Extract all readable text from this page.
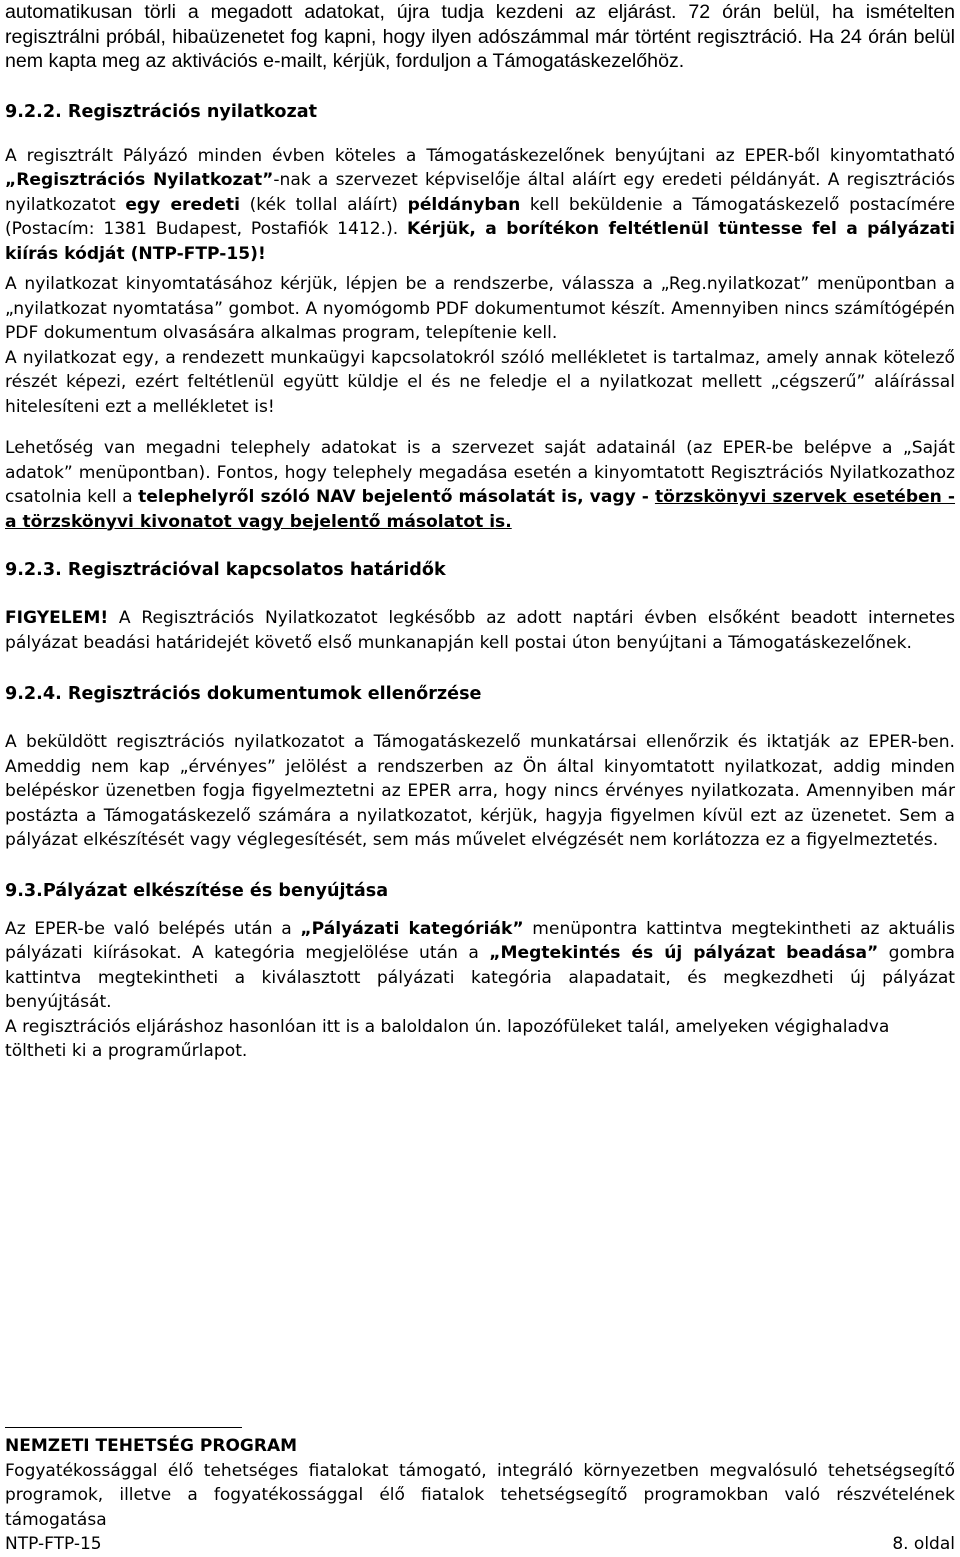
automatikusan törli a megadott adatokat, újra tudja kezdeni az eljárást. 72 órán belül, ha ismételten regisztrálni próbál, hibaüzenetet fog kapni, hogy ilyen adószámmal már történt regisztráció. Ha 24 órán belül nem kapta meg az aktivációs e-mailt, kérjük, forduljon a Támogatáskezelőhöz.

9.2.2. Regisztrációs nyilatkozat

A regisztrált Pályázó minden évben köteles a Támogatáskezelőnek benyújtani az EPER-ből kinyomtatható „Regisztrációs Nyilatkozat”-nak a szervezet képviselője által aláírt egy eredeti példányát. A regisztrációs nyilatkozatot egy eredeti (kék tollal aláírt) példányban kell beküldenie a Támogatáskezelő postacímére (Postacím: 1381 Budapest, Postafiók 1412.). Kérjük, a borítékon feltétlenül tüntesse fel a pályázati kiírás kódját (NTP-FTP-15)!

A nyilatkozat kinyomtatásához kérjük, lépjen be a rendszerbe, válassza a „Reg.nyilatkozat” menüpontban a „nyilatkozat nyomtatása” gombot. A nyomógomb PDF dokumentumot készít. Amennyiben nincs számítógépén PDF dokumentum olvasására alkalmas program, telepítenie kell.

A nyilatkozat egy, a rendezett munkaügyi kapcsolatokról szóló mellékletet is tartalmaz, amely annak kötelező részét képezi, ezért feltétlenül együtt küldje el és ne feledje el a nyilatkozat mellett „cégszerű” aláírással hitelesíteni ezt a mellékletet is!

Lehetőség van megadni telephely adatokat is a szervezet saját adatainál (az EPER-be belépve a „Saját adatok” menüpontban). Fontos, hogy telephely megadása esetén a kinyomtatott Regisztrációs Nyilatkozathoz csatolnia kell a telephelyről szóló NAV bejelentő másolatát is, vagy - törzskönyvi szervek esetében - a törzskönyvi kivonatot vagy bejelentő másolatot is.

9.2.3. Regisztrációval kapcsolatos határidők

FIGYELEM! A Regisztrációs Nyilatkozatot legkésőbb az adott naptári évben elsőként beadott internetes pályázat beadási határidejét követő első munkanapján kell postai úton benyújtani a Támogatáskezelőnek.

9.2.4. Regisztrációs dokumentumok ellenőrzése

A beküldött regisztrációs nyilatkozatot a Támogatáskezelő munkatársai ellenőrzik és iktatják az EPER-ben. Ameddig nem kap „érvényes” jelölést a rendszerben az Ön által kinyomtatott nyilatkozat, addig minden belépéskor üzenetben fogja figyelmeztetni az EPER arra, hogy nincs érvényes nyilatkozata. Amennyiben már postázta a Támogatáskezelő számára a nyilatkozatot, kérjük, hagyja figyelmen kívül ezt az üzenetet. Sem a pályázat elkészítését vagy véglegesítését, sem más művelet elvégzését nem korlátozza ez a figyelmeztetés.

9.3.Pályázat elkészítése és benyújtása

Az EPER-be való belépés után a „Pályázati kategóriák” menüpontra kattintva megtekintheti az aktuális pályázati kiírásokat. A kategória megjelölése után a „Megtekintés és új pályázat beadása” gombra kattintva megtekintheti a kiválasztott pályázati kategória alapadatait, és megkezdheti új pályázat benyújtását.

A regisztrációs eljáráshoz hasonlóan itt is a baloldalon ún. lapozófüleket talál, amelyeken végighaladva töltheti ki a programűrlapot.

NEMZETI TEHETSÉG PROGRAM

Fogyatékossággal élő tehetséges fiatalokat támogató, integráló környezetben megvalósuló tehetségsegítő programok, illetve a fogyatékossággal élő fiatalok tehetségsegítő programokban való részvételének támogatása

NTP-FTP-15	8. oldal
